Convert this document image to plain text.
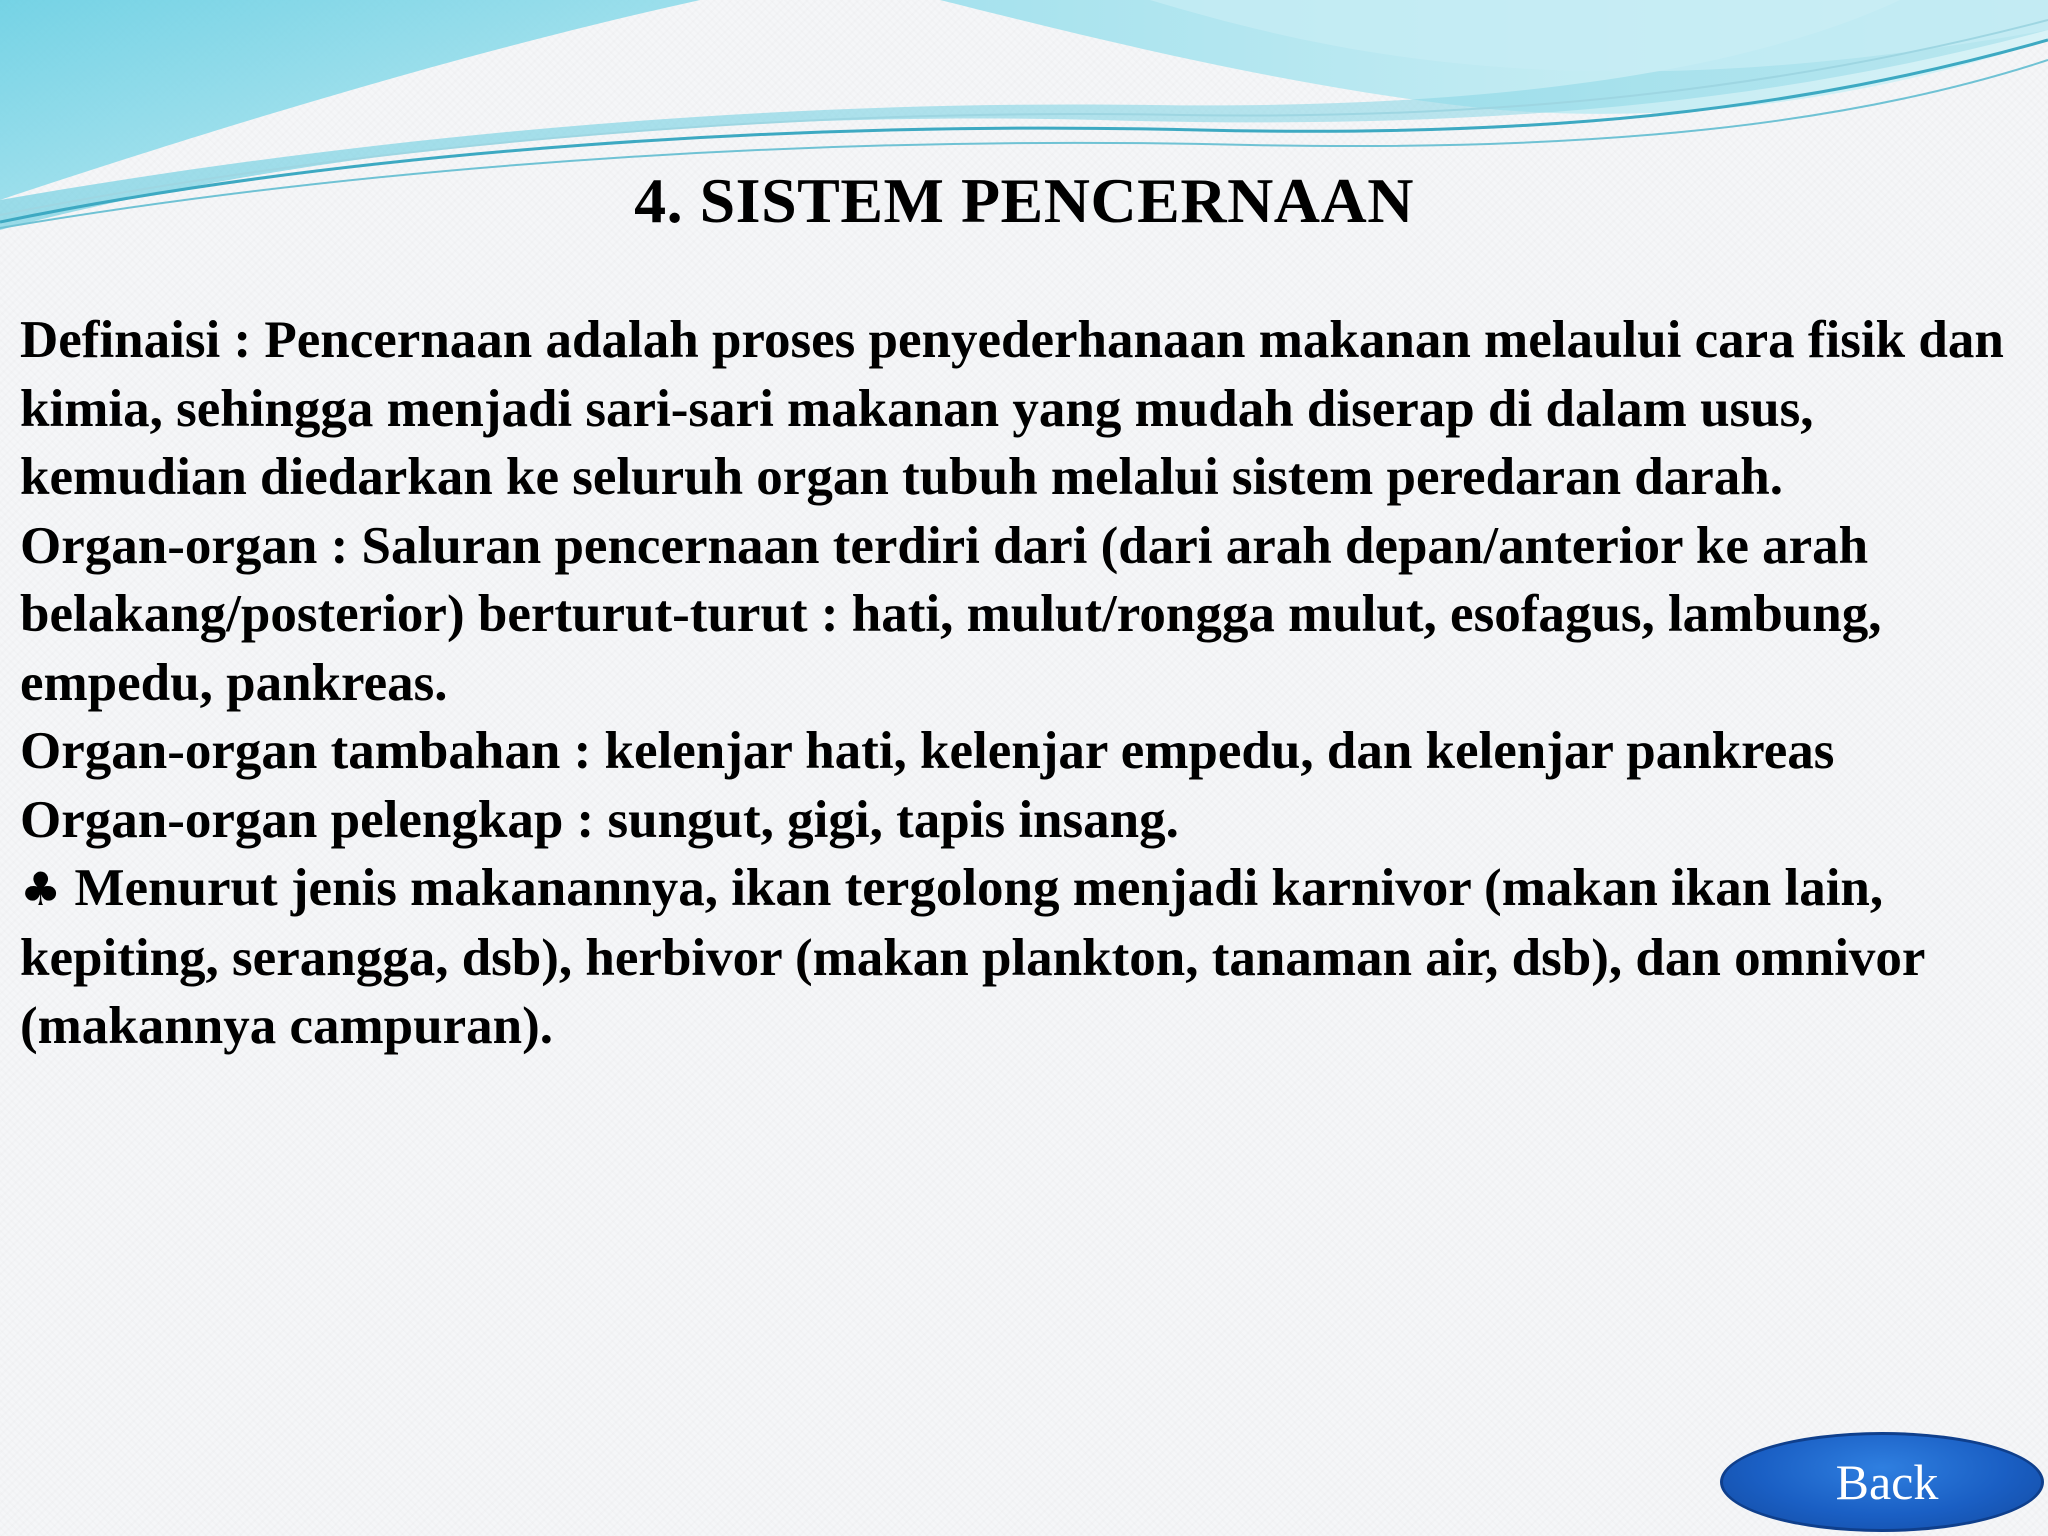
4. SISTEM PENCERNAAN

Definaisi : Pencernaan adalah proses penyederhanaan makanan melaului cara fisik dan kimia, sehingga menjadi sari-sari makanan yang mudah diserap di dalam usus, kemudian diedarkan ke seluruh organ tubuh melalui sistem peredaran darah.

Organ-organ : Saluran pencernaan terdiri dari (dari arah depan/anterior ke arah belakang/posterior) berturut-turut : hati, mulut/rongga mulut, esofagus, lambung, empedu, pankreas.

Organ-organ tambahan : kelenjar hati, kelenjar empedu, dan kelenjar pankreas

Organ-organ pelengkap : sungut, gigi, tapis insang.

♣ Menurut jenis makanannya, ikan tergolong menjadi karnivor (makan ikan lain, kepiting, serangga, dsb), herbivor (makan plankton, tanaman air, dsb), dan omnivor (makannya campuran).

Back
